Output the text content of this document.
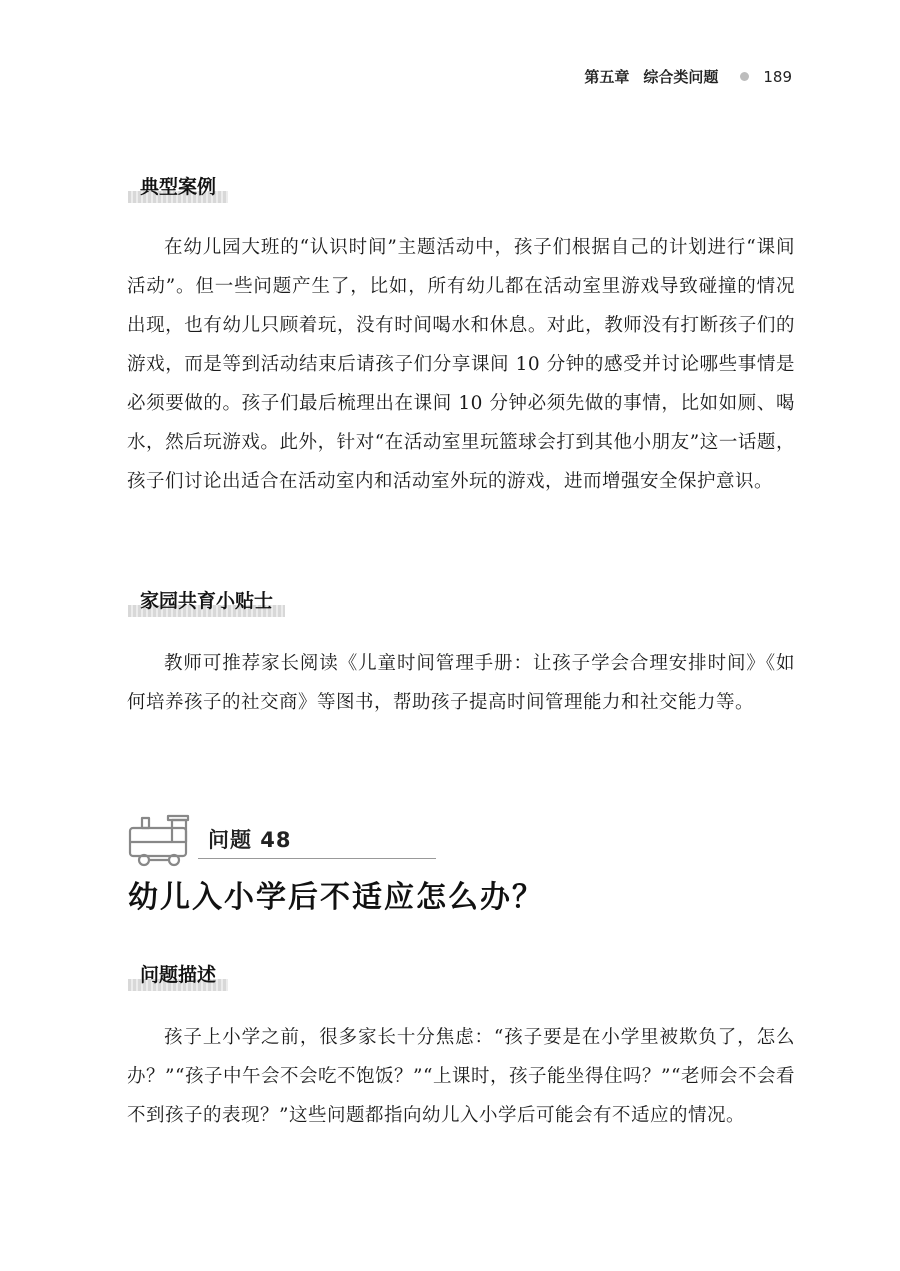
第五章 综合类问题	189
典型案例

在幼儿园大班的“认识时间”主题活动中，孩子们根据自己的计划进行“课间活动”。但一些问题产生了，比如，所有幼儿都在活动室里游戏导致碰撞的情况出现，也有幼儿只顾着玩，没有时间喝水和休息。对此，教师没有打断孩子们的游戏，而是等到活动结束后请孩子们分享课间 10 分钟的感受并讨论哪些事情是必须要做的。孩子们最后梳理出在课间 10 分钟必须先做的事情，比如如厕、喝水，然后玩游戏。此外，针对“在活动室里玩篮球会打到其他小朋友”这一话题，孩子们讨论出适合在活动室内和活动室外玩的游戏，进而增强安全保护意识。

家园共育小贴士

教师可推荐家长阅读《儿童时间管理手册：让孩子学会合理安排时间》《如何培养孩子的社交商》等图书，帮助孩子提高时间管理能力和社交能力等。

问题 48
幼儿入小学后不适应怎么办？
问题描述

孩子上小学之前，很多家长十分焦虑：“孩子要是在小学里被欺负了，怎么办？”“孩子中午会不会吃不饱饭？”“上课时，孩子能坐得住吗？”“老师会不会看不到孩子的表现？”这些问题都指向幼儿入小学后可能会有不适应的情况。
